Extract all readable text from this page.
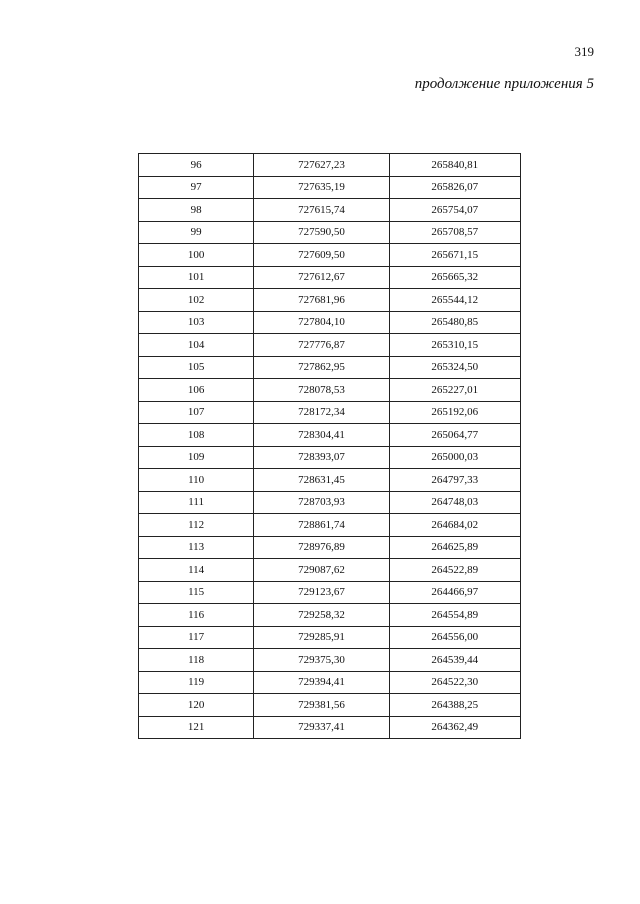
319
продолжение приложения 5
96	727627,23	265840,81
97	727635,19	265826,07
98	727615,74	265754,07
99	727590,50	265708,57
100	727609,50	265671,15
101	727612,67	265665,32
102	727681,96	265544,12
103	727804,10	265480,85
104	727776,87	265310,15
105	727862,95	265324,50
106	728078,53	265227,01
107	728172,34	265192,06
108	728304,41	265064,77
109	728393,07	265000,03
110	728631,45	264797,33
111	728703,93	264748,03
112	728861,74	264684,02
113	728976,89	264625,89
114	729087,62	264522,89
115	729123,67	264466,97
116	729258,32	264554,89
117	729285,91	264556,00
118	729375,30	264539,44
119	729394,41	264522,30
120	729381,56	264388,25
121	729337,41	264362,49
